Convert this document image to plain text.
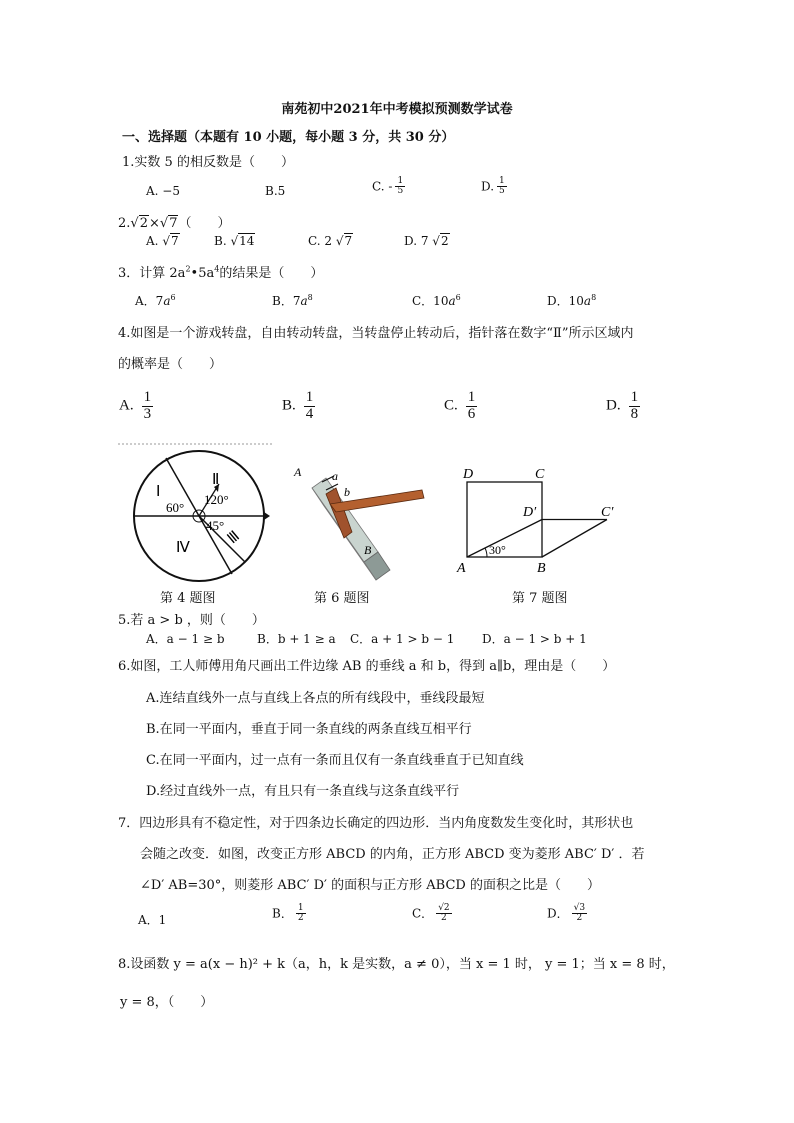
南苑初中2021年中考模拟预测数学试卷
一、选择题（本题有 10 小题，每小题 3 分，共 30 分）
1.实数 5 的相反数是（　　）
A. −5	B.5	C. - $\frac{1}{5}$	D. $\frac{1}{5}$
2.√2×√7（　　）
A. √7	B. √14	C. 2 √7	D. 7 √2
3．计算 $2a^2•5a^4$的结果是（　　）
A．$7a^6$	B．$7a^8$	C．$10a^6$	D．$10a^8$
4.如图是一个游戏转盘，自由转动转盘，当转盘停止转动后，指针落在数字“Ⅱ”所示区域内
的概率是（　　）
A. $\frac{1}{3}$	B. $\frac{1}{4}$	C. $\frac{1}{6}$	D. $\frac{1}{8}$
Ⅰ
Ⅱ
Ⅲ
Ⅳ
60°
120°
45°
第 4 题图
A	a
b
B
第 6 题图
D	C
D′	C′
A	B
30°
第 7 题图
5.若 a > b ，则（　　）
A．a − 1 ≥ b	B．b + 1 ≥ a C．a + 1 > b − 1 D．a − 1 > b + 1
6.如图，工人师傅用角尺画出工件边缘 AB 的垂线 a 和 b，得到 a∥b，理由是（　　）
A.连结直线外一点与直线上各点的所有线段中，垂线段最短
B.在同一平面内，垂直于同一条直线的两条直线互相平行
C.在同一平面内，过一点有一条而且仅有一条直线垂直于已知直线
D.经过直线外一点，有且只有一条直线与这条直线平行
7．四边形具有不稳定性，对于四条边长确定的四边形．当内角度数发生变化时，其形状也
会随之改变．如图，改变正方形 ABCD 的内角，正方形 ABCD 变为菱形 ABC′ D′ ．若
∠D′ AB=30°，则菱形 ABC′ D′ 的面积与正方形 ABCD 的面积之比是（　　）
A．1	B． $\frac{1}{2}$	C． $\frac{√2}{2}$	D． $\frac{√3}{2}$
8.设函数 y = a(x − h)² + k（a，h，k 是实数，a ≠ 0），当 x = 1 时， y = 1；当 x = 8 时，
y = 8，（　　）
